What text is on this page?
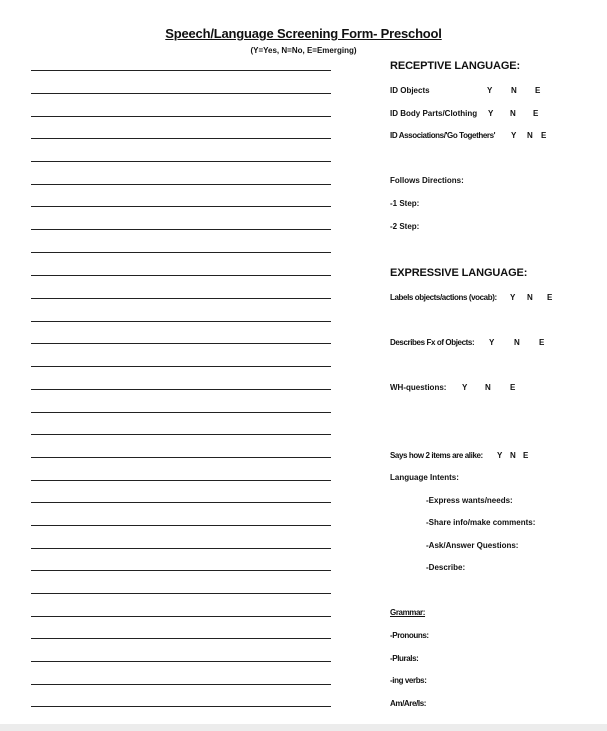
Speech/Language Screening Form- Preschool
(Y=Yes, N=No, E=Emerging)
RECEPTIVE LANGUAGE:
ID Objects	Y N E
ID Body Parts/Clothing Y N E
ID Associations/'Go Togethers' Y N E
Follows Directions:
-1 Step:
-2 Step:
EXPRESSIVE LANGUAGE:
Labels objects/actions (vocab): Y N E
Describes Fx of Objects: Y N E
WH-questions: Y N E
Says how 2 items are alike: Y N E
Language Intents:
-Express wants/needs:
-Share info/make comments:
-Ask/Answer Questions:
-Describe:
Grammar:
-Pronouns:
-Plurals:
-ing verbs:
Am/Are/Is:
